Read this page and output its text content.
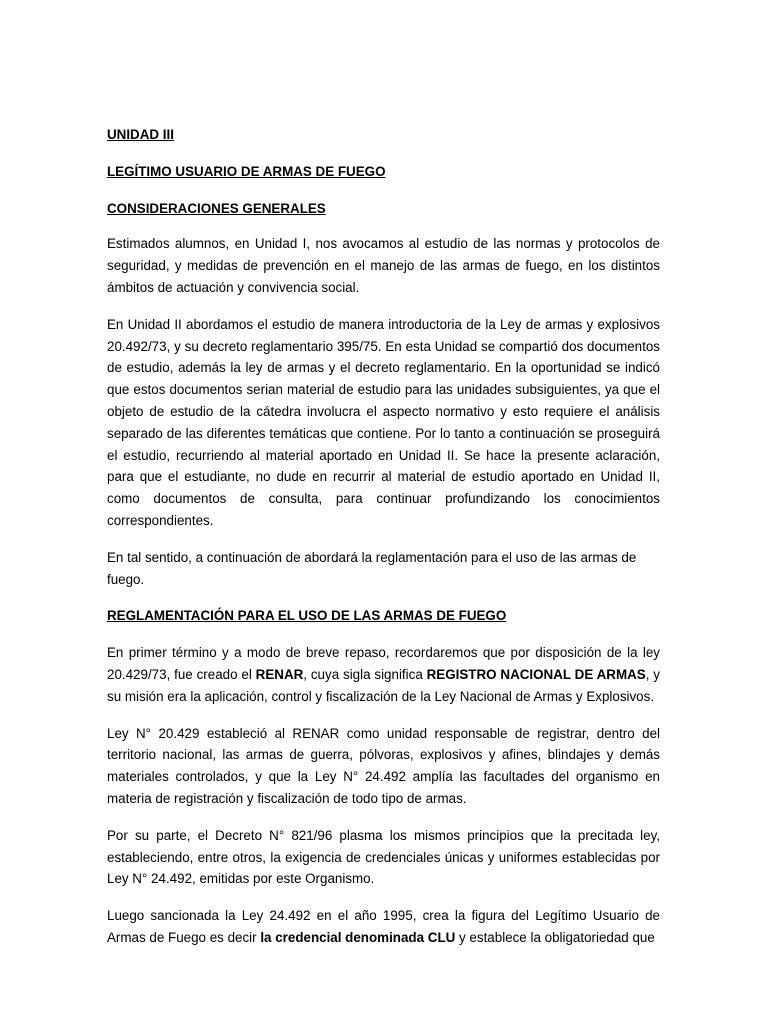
UNIDAD III
LEGÍTIMO USUARIO DE ARMAS DE FUEGO
CONSIDERACIONES GENERALES

Estimados alumnos, en Unidad I, nos avocamos al estudio de las normas y protocolos de seguridad, y medidas de prevención en el manejo de las armas de fuego, en los distintos ámbitos de actuación y convivencia social.

En Unidad II abordamos el estudio de manera introductoria de la Ley de armas y explosivos 20.492/73, y su decreto reglamentario 395/75. En esta Unidad se compartió dos documentos de estudio, además la ley de armas y el decreto reglamentario. En la oportunidad se indicó que estos documentos serian material de estudio para las unidades subsiguientes, ya que el objeto de estudio de la cátedra involucra el aspecto normativo y esto requiere el análisis separado de las diferentes temáticas que contiene. Por lo tanto a continuación se proseguirá el estudio, recurriendo al material aportado en Unidad II. Se hace la presente aclaración, para que el estudiante, no dude en recurrir al material de estudio aportado en Unidad II, como documentos de consulta, para continuar profundizando los conocimientos correspondientes.

En tal sentido, a continuación de abordará la reglamentación para el uso de las armas de fuego.

REGLAMENTACIÓN PARA EL USO DE LAS ARMAS DE FUEGO

En primer término y a modo de breve repaso, recordaremos que por disposición de la ley 20.429/73, fue creado el RENAR, cuya sigla significa REGISTRO NACIONAL DE ARMAS, y su misión era la aplicación, control y fiscalización de la Ley Nacional de Armas y Explosivos.

Ley N° 20.429 estableció al RENAR como unidad responsable de registrar, dentro del territorio nacional, las armas de guerra, pólvoras, explosivos y afines, blindajes y demás materiales controlados, y que la Ley N° 24.492 amplía las facultades del organismo en materia de registración y fiscalización de todo tipo de armas.

Por su parte, el Decreto N° 821/96 plasma los mismos principios que la precitada ley, estableciendo, entre otros, la exigencia de credenciales únicas y uniformes establecidas por Ley N° 24.492, emitidas por este Organismo.

Luego sancionada la Ley 24.492 en el año 1995, crea la figura del Legítimo Usuario de Armas de Fuego es decir la credencial denominada CLU y establece la obligatoriedad que
